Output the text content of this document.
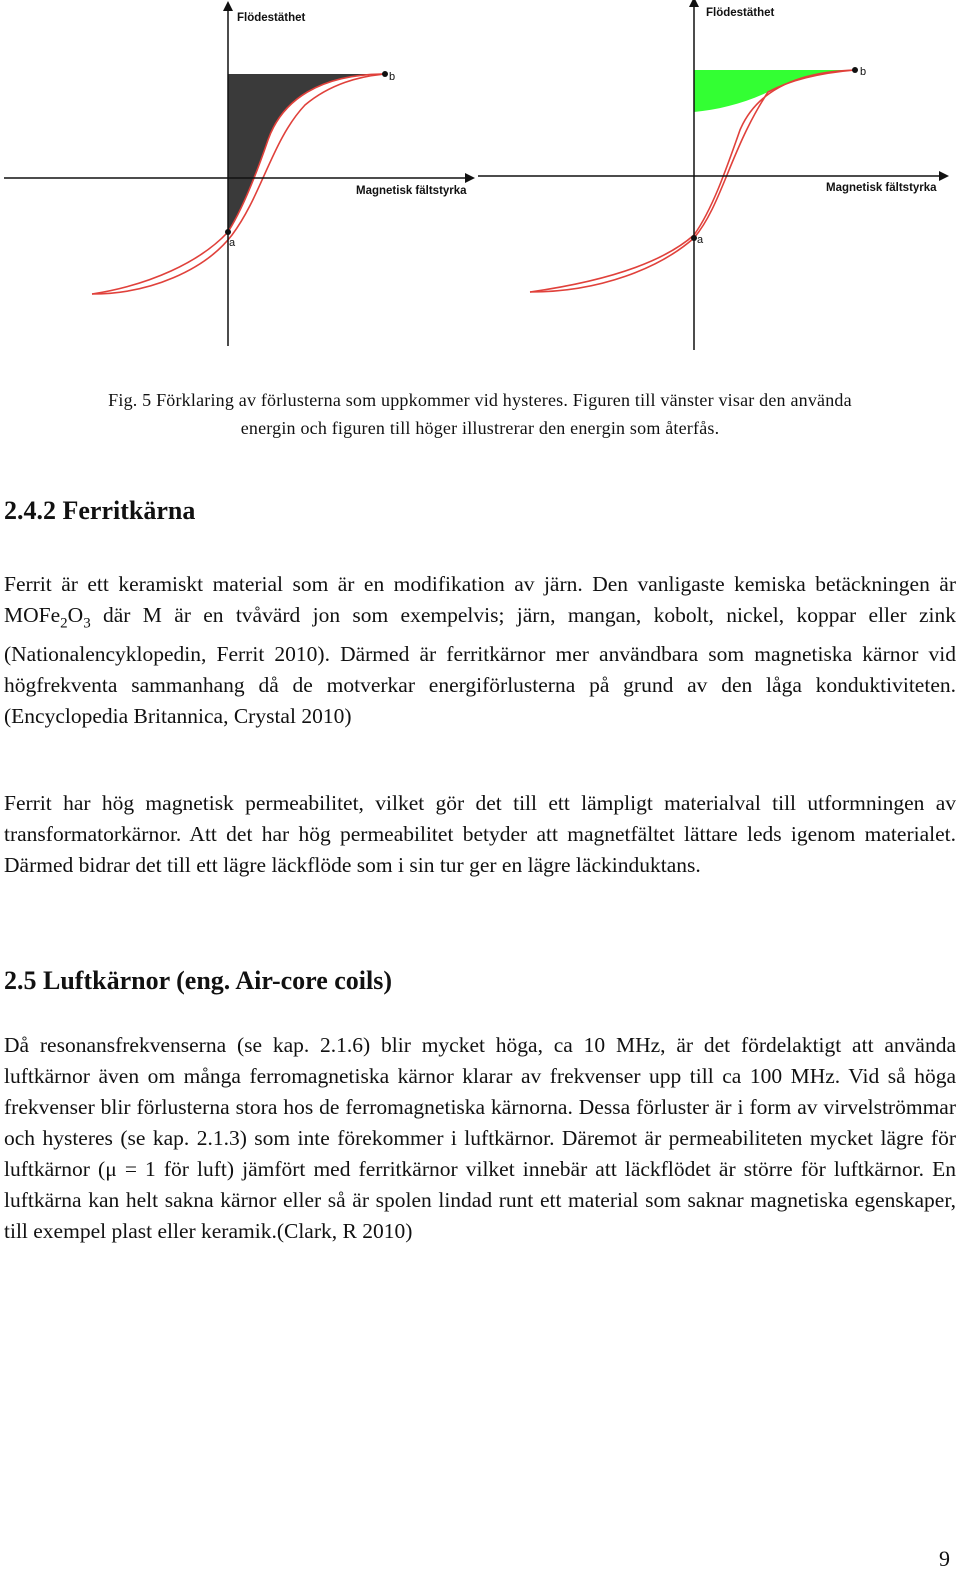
Flödestäthet
Magnetisk fältstyrka
a
b
Flödestäthet
Magnetisk fältstyrka
a
b
Fig. 5 Förklaring av förlusterna som uppkommer vid hysteres. Figuren till vänster visar den använda
energin och figuren till höger illustrerar den energin som återfås.
2.4.2 Ferritkärna

Ferrit är ett keramiskt material som är en modifikation av järn. Den vanligaste kemiska betäckningen är $MOFe_2O_3$ där M är en tvåvärd jon som exempelvis; järn, mangan, kobolt, nickel, koppar eller zink (Nationalencyklopedin, Ferrit 2010). Därmed är ferritkärnor mer användbara som magnetiska kärnor vid högfrekventa sammanhang då de motverkar energiförlusterna på grund av den låga konduktiviteten. (Encyclopedia Britannica, Crystal 2010)

Ferrit har hög magnetisk permeabilitet, vilket gör det till ett lämpligt materialval till utformningen av transformatorkärnor. Att det har hög permeabilitet betyder att magnetfältet lättare leds igenom materialet. Därmed bidrar det till ett lägre läckflöde som i sin tur ger en lägre läckinduktans.

2.5 Luftkärnor (eng. Air-core coils)

Då resonansfrekvenserna (se kap. 2.1.6) blir mycket höga, ca 10 MHz, är det fördelaktigt att använda luftkärnor även om många ferromagnetiska kärnor klarar av frekvenser upp till ca 100 MHz. Vid så höga frekvenser blir förlusterna stora hos de ferromagnetiska kärnorna. Dessa förluster är i form av virvelströmmar och hysteres (se kap. 2.1.3) som inte förekommer i luftkärnor. Däremot är permeabiliteten mycket lägre för luftkärnor (μ = 1 för luft) jämfört med ferritkärnor vilket innebär att läckflödet är större för luftkärnor. En luftkärna kan helt sakna kärnor eller så är spolen lindad runt ett material som saknar magnetiska egenskaper, till exempel plast eller keramik.(Clark, R 2010)

9
